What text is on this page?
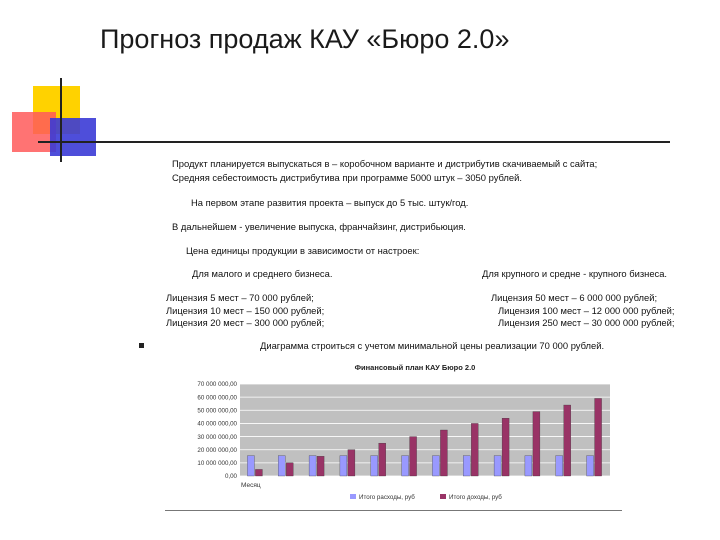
Прогноз продаж КАУ «Бюро 2.0»
Продукт планируется выпускаться в – коробочном варианте и дистрибутив скачиваемый с сайта;
Средняя себестоимость дистрибутива при программе 5000 штук – 3050 рублей.
На первом этапе развития проекта – выпуск до 5 тыс. штук/год.
В дальнейшем - увеличение выпуска, франчайзинг, дистрибьюция.
Цена единицы продукции в зависимости от настроек:
Для малого и среднего бизнеса.	Для крупного и средне - крупного бизнеса.
Лицензия 5 мест – 70 000 рублей;
Лицензия 10 мест – 150 000 рублей;
Лицензия 20 мест – 300 000 рублей;
Лицензия 50 мест – 6 000 000 рублей;
Лицензия 100 мест – 12 000 000 рублей;
Лицензия 250 мест – 30 000 000 рублей;
Диаграмма строиться с учетом минимальной цены реализации 70 000 рублей.
Финансовый план КАУ Бюро 2.0
0,00
10 000 000,00
20 000 000,00
30 000 000,00
40 000 000,00
50 000 000,00
60 000 000,00
70 000 000,00
Месяц
Итого расходы, руб	Итого доходы, руб
